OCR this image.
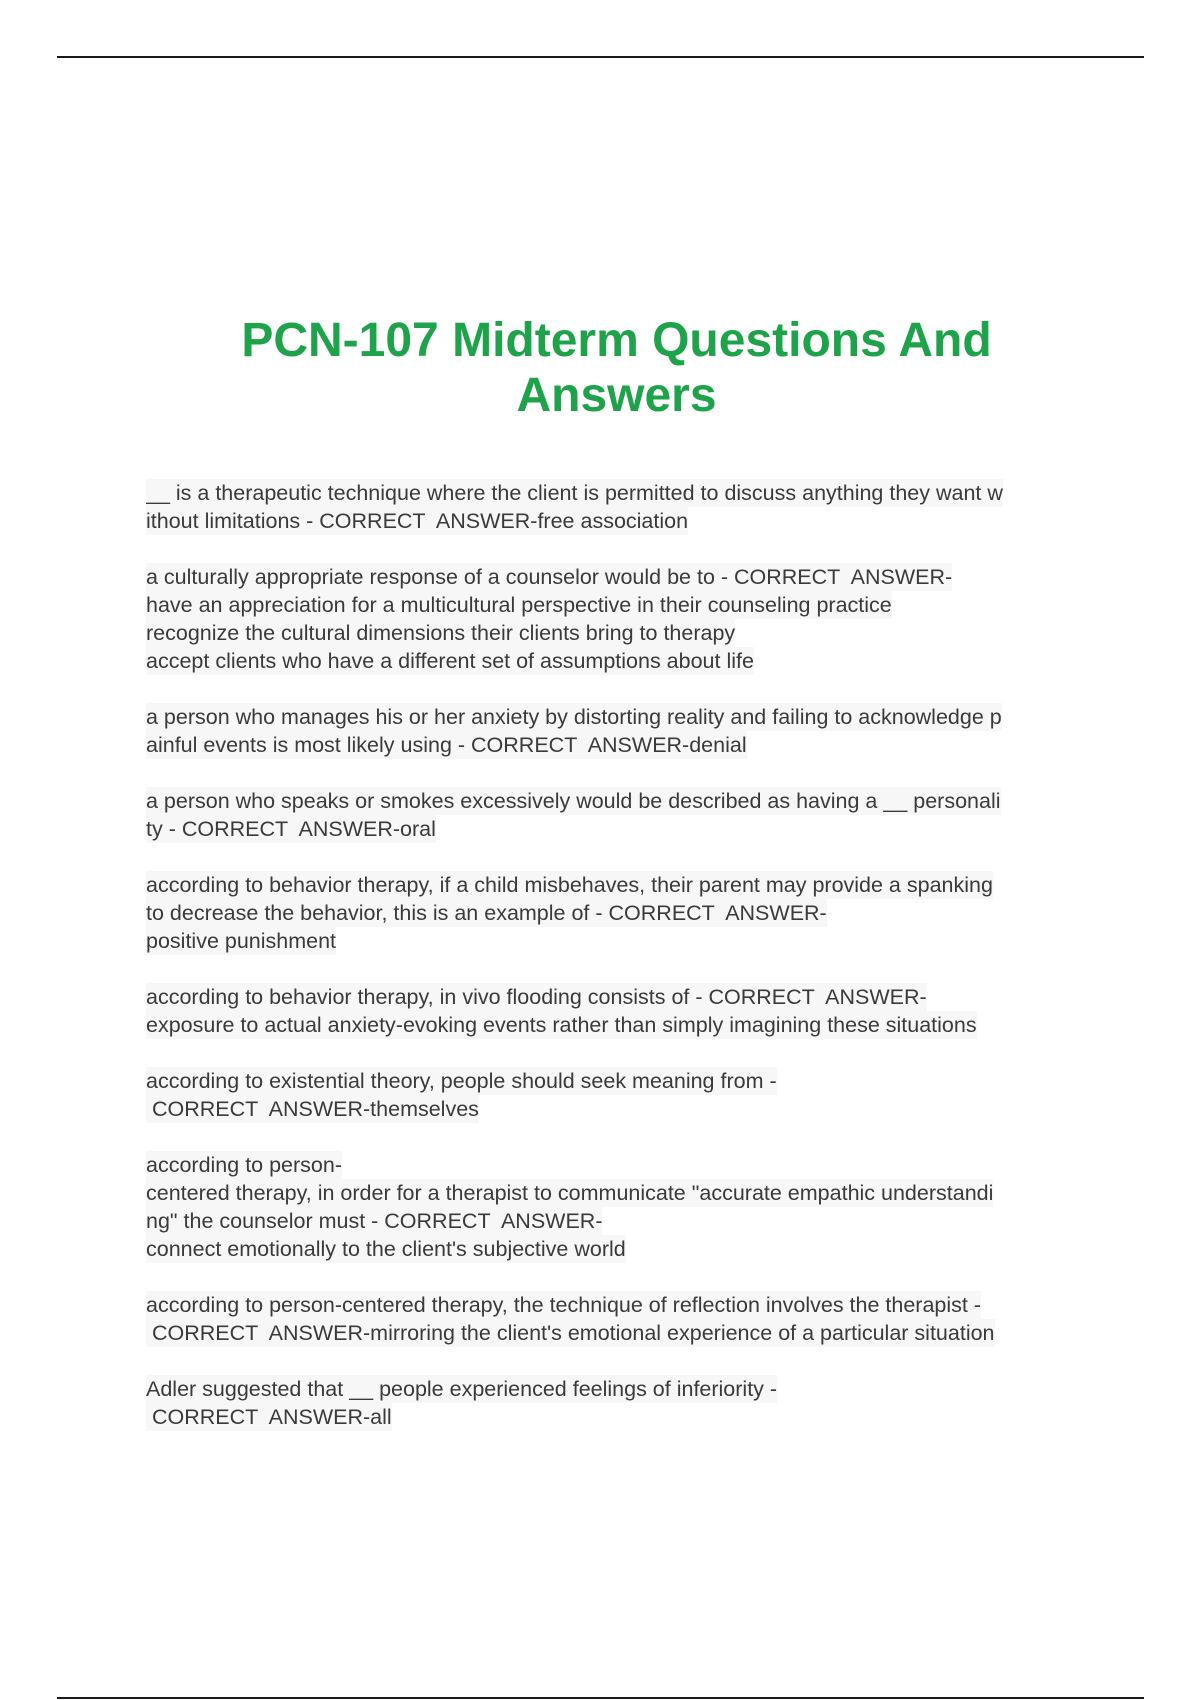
PCN-107 Midterm Questions And
Answers

__ is a therapeutic technique where the client is permitted to discuss anything they want w
ithout limitations - CORRECT  ANSWER-free association

a culturally appropriate response of a counselor would be to - CORRECT  ANSWER-
have an appreciation for a multicultural perspective in their counseling practice
recognize the cultural dimensions their clients bring to therapy
accept clients who have a different set of assumptions about life

a person who manages his or her anxiety by distorting reality and failing to acknowledge p
ainful events is most likely using - CORRECT  ANSWER-denial

a person who speaks or smokes excessively would be described as having a __ personali
ty - CORRECT  ANSWER-oral

according to behavior therapy, if a child misbehaves, their parent may provide a spanking
to decrease the behavior, this is an example of - CORRECT  ANSWER-
positive punishment

according to behavior therapy, in vivo flooding consists of - CORRECT  ANSWER-
exposure to actual anxiety-evoking events rather than simply imagining these situations

according to existential theory, people should seek meaning from -
CORRECT  ANSWER-themselves

according to person-
centered therapy, in order for a therapist to communicate "accurate empathic understandi
ng" the counselor must - CORRECT  ANSWER-
connect emotionally to the client's subjective world

according to person-centered therapy, the technique of reflection involves the therapist -
CORRECT  ANSWER-mirroring the client's emotional experience of a particular situation

Adler suggested that __ people experienced feelings of inferiority -
CORRECT  ANSWER-all
